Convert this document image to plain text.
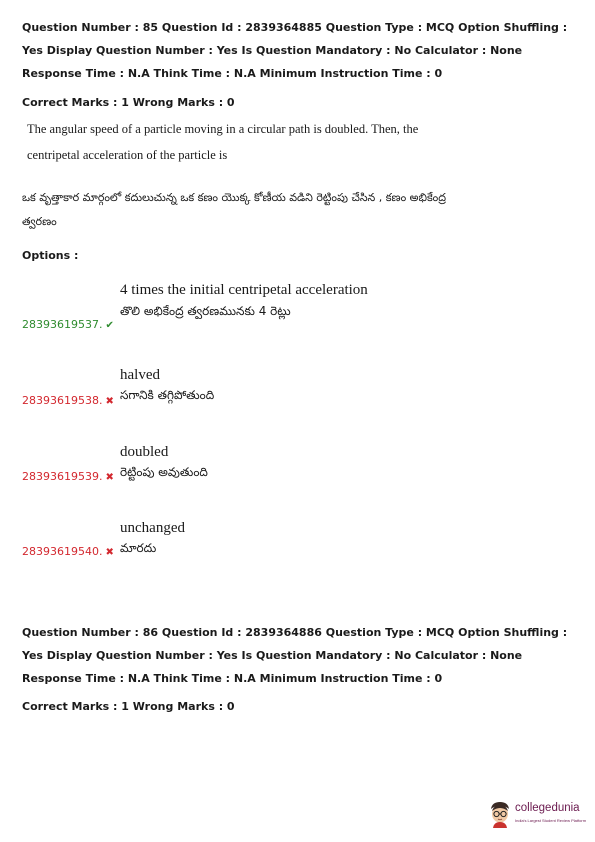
Question Number : 85 Question Id : 2839364885 Question Type : MCQ Option Shuffling : Yes Display Question Number : Yes Is Question Mandatory : No Calculator : None Response Time : N.A Think Time : N.A Minimum Instruction Time : 0
Correct Marks : 1 Wrong Marks : 0
The angular speed of a particle moving in a circular path is doubled. Then, the centripetal acceleration of the particle is
ఒక వృత్తాకార మార్గంలో కదులుచున్న ఒక కణం యొక్క కోణీయ వడిని రెట్టింపు చేసిన , కణం అభికేంద్ర త్వరణం
Options :
4 times the initial centripetal acceleration
తొలి అభికేంద్ర త్వరణమునకు 4 రెట్లు
28393619537. ✔
halved
సగానికి తగ్గిపోతుంది
28393619538. ✖
doubled
రెట్టింపు అవుతుంది
28393619539. ✖
unchanged
మారదు
28393619540. ✖
Question Number : 86 Question Id : 2839364886 Question Type : MCQ Option Shuffling : Yes Display Question Number : Yes Is Question Mandatory : No Calculator : None Response Time : N.A Think Time : N.A Minimum Instruction Time : 0
Correct Marks : 1 Wrong Marks : 0
collegedunia
India's Largest Student Review Platform
